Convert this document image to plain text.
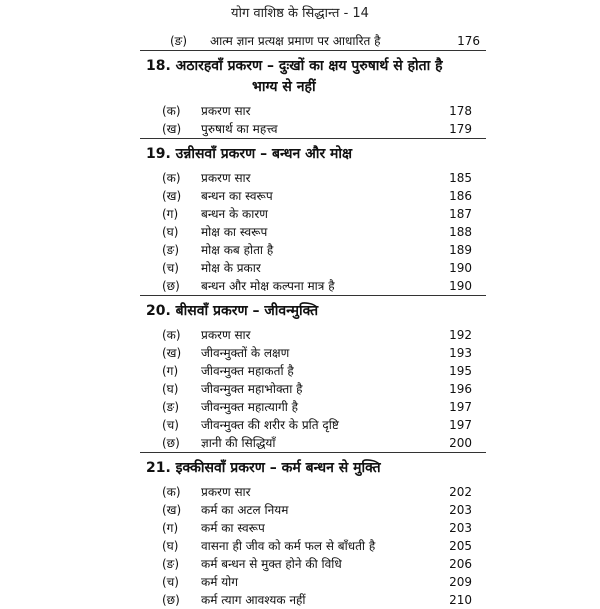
योग वाशिष्ठ के सिद्धान्त - 14
(ङ) आत्म ज्ञान प्रत्यक्ष प्रमाण पर आधारित है	176
18. अठारहवाँ प्रकरण – दुःखों का क्षय पुरुषार्थ से होता है
भाग्य से नहीं
(क) प्रकरण सार	178
(ख) पुरुषार्थ का महत्त्व	179
19. उन्नीसवाँ प्रकरण – बन्धन और मोक्ष
(क) प्रकरण सार	185
(ख) बन्धन का स्वरूप	186
(ग) बन्धन के कारण	187
(घ) मोक्ष का स्वरूप	188
(ङ) मोक्ष कब होता है	189
(च) मोक्ष के प्रकार	190
(छ) बन्धन और मोक्ष कल्पना मात्र है	190
20. बीसवाँ प्रकरण – जीवन्मुक्ति
(क) प्रकरण सार	192
(ख) जीवन्मुक्तों के लक्षण	193
(ग) जीवन्मुक्त महाकर्ता है	195
(घ) जीवन्मुक्त महाभोक्ता है	196
(ङ) जीवन्मुक्त महात्यागी है	197
(च) जीवन्मुक्त की शरीर के प्रति दृष्टि	197
(छ) ज्ञानी की सिद्धियाँ	200
21. इक्कीसवाँ प्रकरण – कर्म बन्धन से मुक्ति
(क) प्रकरण सार	202
(ख) कर्म का अटल नियम	203
(ग) कर्म का स्वरूप	203
(घ) वासना ही जीव को कर्म फल से बाँधती है	205
(ङ) कर्म बन्धन से मुक्त होने की विधि	206
(च) कर्म योग	209
(छ) कर्म त्याग आवश्यक नहीं	210
